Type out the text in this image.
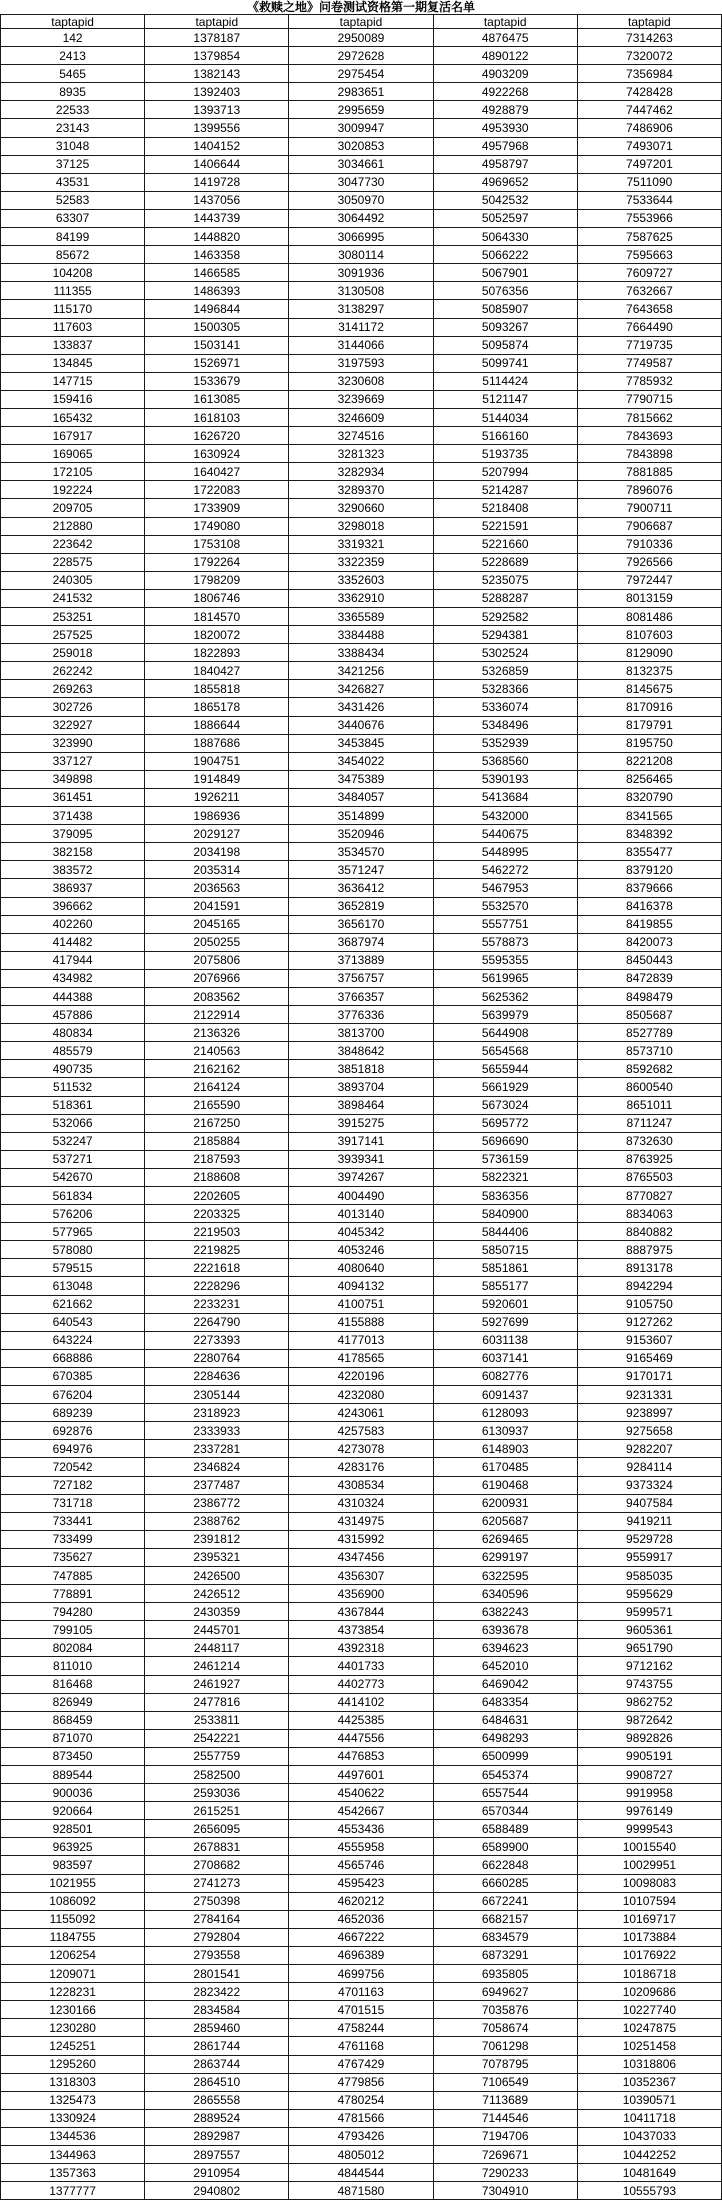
《救赎之地》问卷测试资格第一期复活名单
taptapid	taptapid	taptapid	taptapid	taptapid
142	1378187	2950089	4876475	7314263
2413	1379854	2972628	4890122	7320072
5465	1382143	2975454	4903209	7356984
8935	1392403	2983651	4922268	7428428
22533	1393713	2995659	4928879	7447462
23143	1399556	3009947	4953930	7486906
31048	1404152	3020853	4957968	7493071
37125	1406644	3034661	4958797	7497201
43531	1419728	3047730	4969652	7511090
52583	1437056	3050970	5042532	7533644
63307	1443739	3064492	5052597	7553966
84199	1448820	3066995	5064330	7587625
85672	1463358	3080114	5066222	7595663
104208	1466585	3091936	5067901	7609727
111355	1486393	3130508	5076356	7632667
115170	1496844	3138297	5085907	7643658
117603	1500305	3141172	5093267	7664490
133837	1503141	3144066	5095874	7719735
134845	1526971	3197593	5099741	7749587
147715	1533679	3230608	5114424	7785932
159416	1613085	3239669	5121147	7790715
165432	1618103	3246609	5144034	7815662
167917	1626720	3274516	5166160	7843693
169065	1630924	3281323	5193735	7843898
172105	1640427	3282934	5207994	7881885
192224	1722083	3289370	5214287	7896076
209705	1733909	3290660	5218408	7900711
212880	1749080	3298018	5221591	7906687
223642	1753108	3319321	5221660	7910336
228575	1792264	3322359	5228689	7926566
240305	1798209	3352603	5235075	7972447
241532	1806746	3362910	5288287	8013159
253251	1814570	3365589	5292582	8081486
257525	1820072	3384488	5294381	8107603
259018	1822893	3388434	5302524	8129090
262242	1840427	3421256	5326859	8132375
269263	1855818	3426827	5328366	8145675
302726	1865178	3431426	5336074	8170916
322927	1886644	3440676	5348496	8179791
323990	1887686	3453845	5352939	8195750
337127	1904751	3454022	5368560	8221208
349898	1914849	3475389	5390193	8256465
361451	1926211	3484057	5413684	8320790
371438	1986936	3514899	5432000	8341565
379095	2029127	3520946	5440675	8348392
382158	2034198	3534570	5448995	8355477
383572	2035314	3571247	5462272	8379120
386937	2036563	3636412	5467953	8379666
396662	2041591	3652819	5532570	8416378
402260	2045165	3656170	5557751	8419855
414482	2050255	3687974	5578873	8420073
417944	2075806	3713889	5595355	8450443
434982	2076966	3756757	5619965	8472839
444388	2083562	3766357	5625362	8498479
457886	2122914	3776336	5639979	8505687
480834	2136326	3813700	5644908	8527789
485579	2140563	3848642	5654568	8573710
490735	2162162	3851818	5655944	8592682
511532	2164124	3893704	5661929	8600540
518361	2165590	3898464	5673024	8651011
532066	2167250	3915275	5695772	8711247
532247	2185884	3917141	5696690	8732630
537271	2187593	3939341	5736159	8763925
542670	2188608	3974267	5822321	8765503
561834	2202605	4004490	5836356	8770827
576206	2203325	4013140	5840900	8834063
577965	2219503	4045342	5844406	8840882
578080	2219825	4053246	5850715	8887975
579515	2221618	4080640	5851861	8913178
613048	2228296	4094132	5855177	8942294
621662	2233231	4100751	5920601	9105750
640543	2264790	4155888	5927699	9127262
643224	2273393	4177013	6031138	9153607
668886	2280764	4178565	6037141	9165469
670385	2284636	4220196	6082776	9170171
676204	2305144	4232080	6091437	9231331
689239	2318923	4243061	6128093	9238997
692876	2333933	4257583	6130937	9275658
694976	2337281	4273078	6148903	9282207
720542	2346824	4283176	6170485	9284114
727182	2377487	4308534	6190468	9373324
731718	2386772	4310324	6200931	9407584
733441	2388762	4314975	6205687	9419211
733499	2391812	4315992	6269465	9529728
735627	2395321	4347456	6299197	9559917
747885	2426500	4356307	6322595	9585035
778891	2426512	4356900	6340596	9595629
794280	2430359	4367844	6382243	9599571
799105	2445701	4373854	6393678	9605361
802084	2448117	4392318	6394623	9651790
811010	2461214	4401733	6452010	9712162
816468	2461927	4402773	6469042	9743755
826949	2477816	4414102	6483354	9862752
868459	2533811	4425385	6484631	9872642
871070	2542221	4447556	6498293	9892826
873450	2557759	4476853	6500999	9905191
889544	2582500	4497601	6545374	9908727
900036	2593036	4540622	6557544	9919958
920664	2615251	4542667	6570344	9976149
928501	2656095	4553436	6588489	9999543
963925	2678831	4555958	6589900	10015540
983597	2708682	4565746	6622848	10029951
1021955	2741273	4595423	6660285	10098083
1086092	2750398	4620212	6672241	10107594
1155092	2784164	4652036	6682157	10169717
1184755	2792804	4667222	6834579	10173884
1206254	2793558	4696389	6873291	10176922
1209071	2801541	4699756	6935805	10186718
1228231	2823422	4701163	6949627	10209686
1230166	2834584	4701515	7035876	10227740
1230280	2859460	4758244	7058674	10247875
1245251	2861744	4761168	7061298	10251458
1295260	2863744	4767429	7078795	10318806
1318303	2864510	4779856	7106549	10352367
1325473	2865558	4780254	7113689	10390571
1330924	2889524	4781566	7144546	10411718
1344536	2892987	4793426	7194706	10437033
1344963	2897557	4805012	7269671	10442252
1357363	2910954	4844544	7290233	10481649
1377777	2940802	4871580	7304910	10555793
